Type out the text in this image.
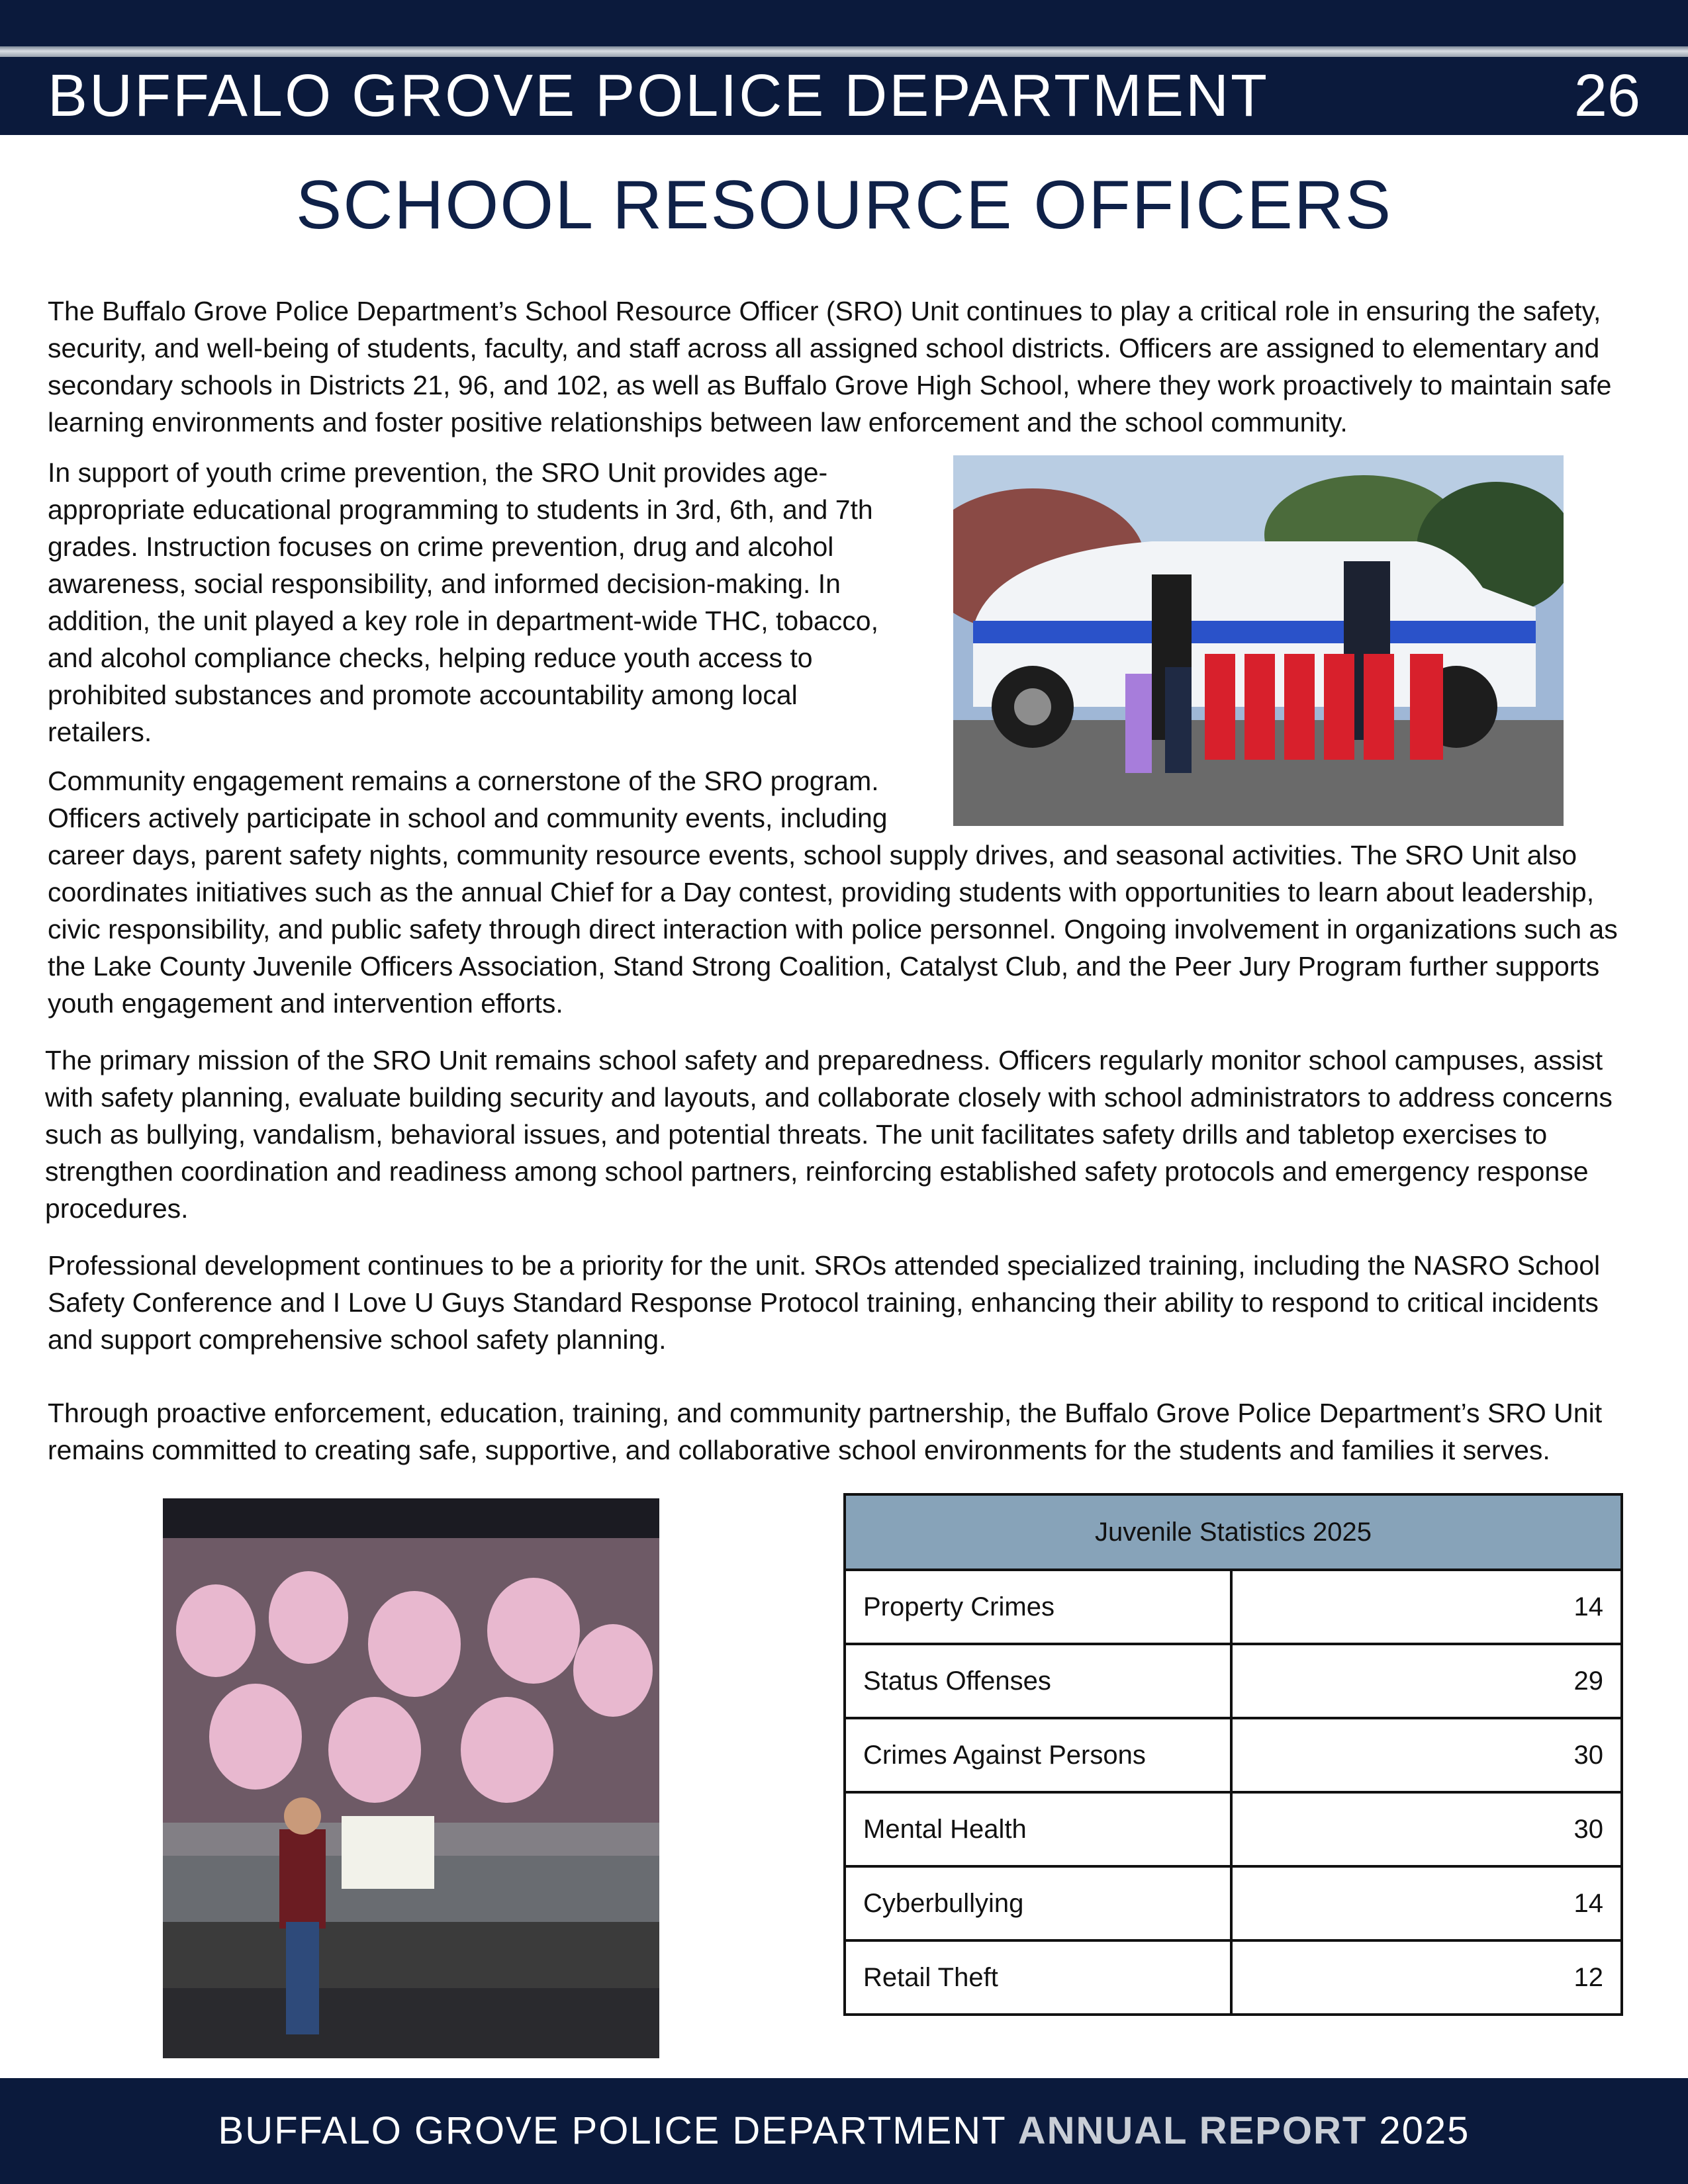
BUFFALO GROVE POLICE DEPARTMENT	26
SCHOOL RESOURCE OFFICERS

The Buffalo Grove Police Department’s School Resource Officer (SRO) Unit continues to play a critical role in ensuring the safety, security, and well-being of students, faculty, and staff across all assigned school districts. Officers are assigned to elementary and secondary schools in Districts 21, 96, and 102, as well as Buffalo Grove High School, where they work proactively to maintain safe learning environments and foster positive relationships between law enforcement and the school community.

In support of youth crime prevention, the SRO Unit provides age-appropriate educational programming to students in 3rd, 6th, and 7th grades. Instruction focuses on crime prevention, drug and alcohol awareness, social responsibility, and informed decision-making. In addition, the unit played a key role in department-wide THC, tobacco, and alcohol compliance checks, helping reduce youth access to prohibited substances and promote accountability among local retailers.

Community engagement remains a cornerstone of the SRO program. Officers actively participate in school and community events, including

career days, parent safety nights, community resource events, school supply drives, and seasonal activities. The SRO Unit also coordinates initiatives such as the annual Chief for a Day contest, providing students with opportunities to learn about leadership, civic responsibility, and public safety through direct interaction with police personnel. Ongoing involvement in organizations such as the Lake County Juvenile Officers Association, Stand Strong Coalition, Catalyst Club, and the Peer Jury Program further supports youth engagement and intervention efforts.

The primary mission of the SRO Unit remains school safety and preparedness. Officers regularly monitor school campuses, assist with safety planning, evaluate building security and layouts, and collaborate closely with school administrators to address concerns such as bullying, vandalism, behavioral issues, and potential threats. The unit facilitates safety drills and tabletop exercises to strengthen coordination and readiness among school partners, reinforcing established safety protocols and emergency response procedures.

Professional development continues to be a priority for the unit. SROs attended specialized training, including the NASRO School Safety Conference and I Love U Guys Standard Response Protocol training, enhancing their ability to respond to critical incidents and support comprehensive school safety planning.

Through proactive enforcement, education, training, and community partnership, the Buffalo Grove Police Department’s SRO Unit remains committed to creating safe, supportive, and collaborative school environments for the students and families it serves.

Juvenile Statistics 2025	
Property Crimes	14
Status Offenses	29
Crimes Against Persons	30
Mental Health	30
Cyberbullying	14
Retail Theft	12
BUFFALO GROVE POLICE DEPARTMENT ANNUAL REPORT 2025
